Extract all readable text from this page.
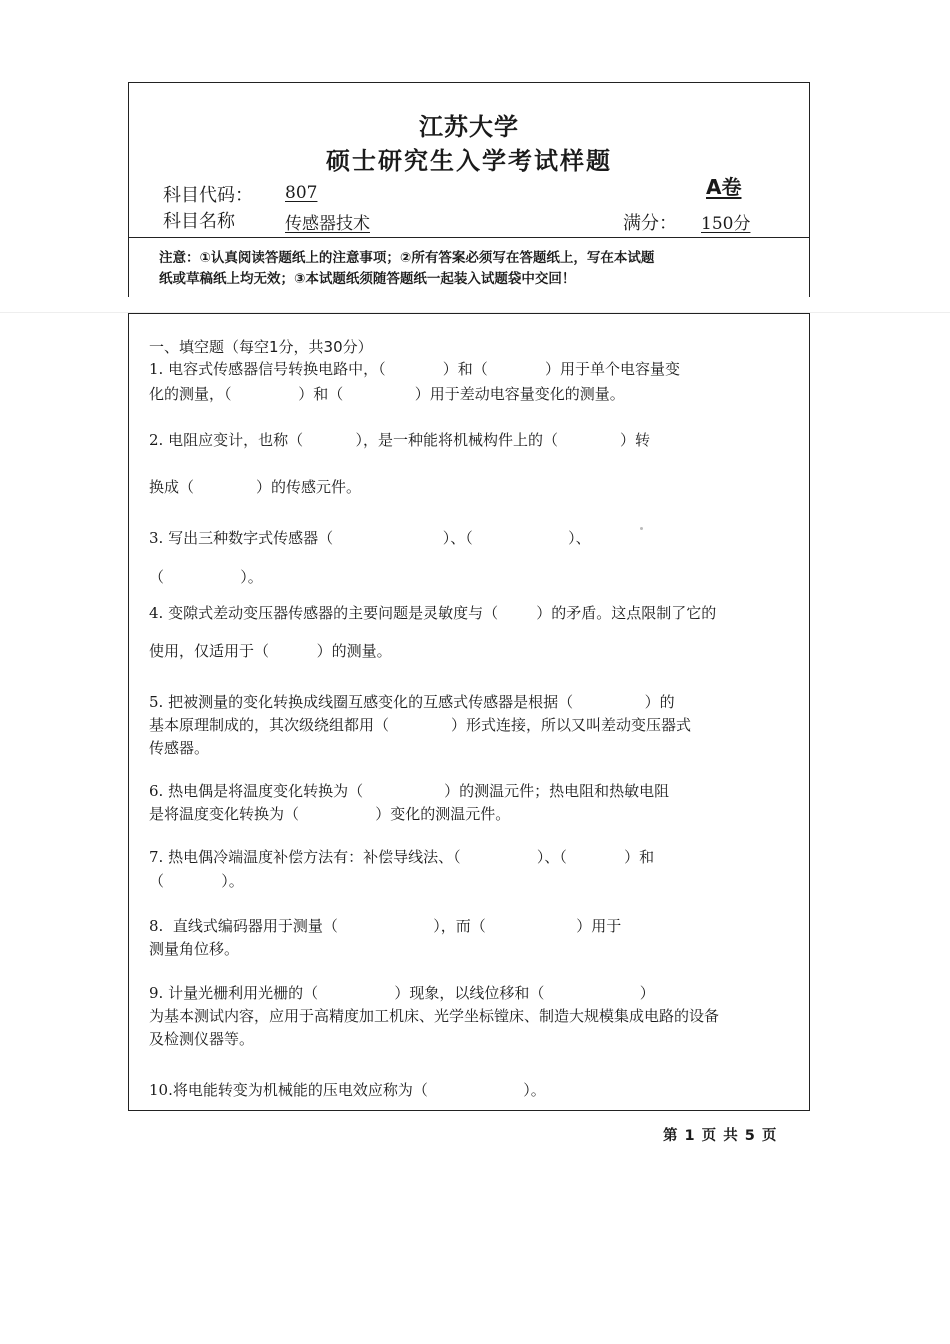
江苏大学
硕士研究生入学考试样题
科目代码： 807	A卷
科目名称	传感器技术	满分： 150分
注意：①认真阅读答题纸上的注意事项；②所有答案必须写在答题纸上，写在本试题
纸或草稿纸上均无效；③本试题纸须随答题纸一起装入试题袋中交回！
一、填空题（每空1分，共30分）
1. 电容式传感器信号转换电路中，（            ）和（            ）用于单个电容量变
化的测量，（              ）和（               ）用于差动电容量变化的测量。
2. 电阻应变计，也称（           ），是一种能将机械构件上的（             ）转
换成（             ）的传感元件。
3. 写出三种数字式传感器（                       ）、（                    ）、
（                ）。
4. 变隙式差动变压器传感器的主要问题是灵敏度与（        ）的矛盾。这点限制了它的
使用，仅适用于（          ）的测量。
5. 把被测量的变化转换成线圈互感变化的互感式传感器是根据（               ）的
基本原理制成的，其次级绕组都用（             ）形式连接，所以又叫差动变压器式
传感器。
6. 热电偶是将温度变化转换为（                 ）的测温元件；热电阻和热敏电阻
是将温度变化转换为（                ）变化的测温元件。
7. 热电偶冷端温度补偿方法有：补偿导线法、（                ）、（            ）和
（            ）。
8.  直线式编码器用于测量（                    ），而（                   ）用于
测量角位移。
9. 计量光栅利用光栅的（                ）现象，以线位移和（                    ）
为基本测试内容，应用于高精度加工机床、光学坐标镗床、制造大规模集成电路的设备
及检测仪器等。
10.将电能转变为机械能的压电效应称为（                    ）。
第 1 页 共 5 页
